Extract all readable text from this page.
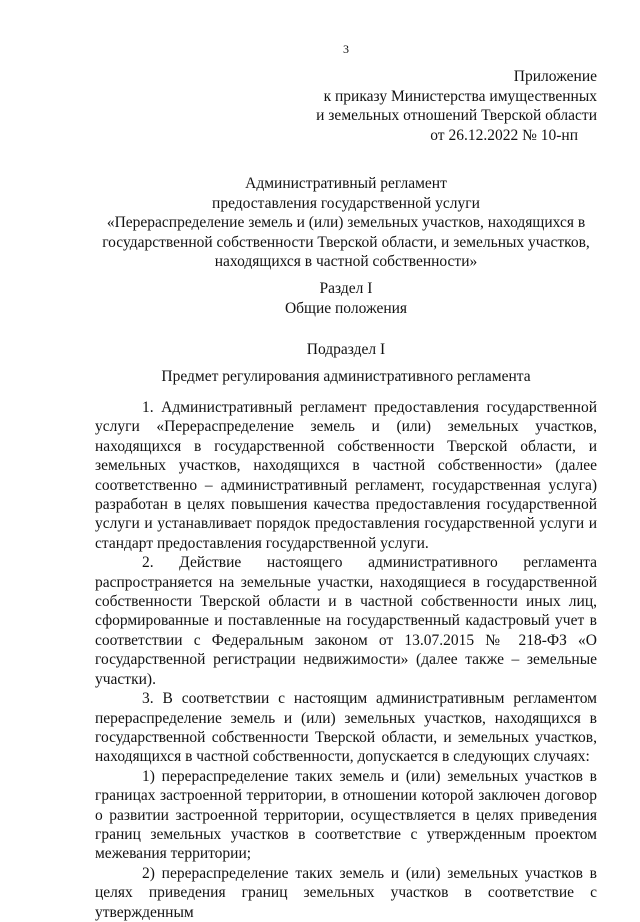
3
Приложение
к приказу Министерства имущественных
и земельных отношений Тверской области
от 26.12.2022 № 10-нп
Административный регламент
предоставления государственной услуги
«Перераспределение земель и (или) земельных участков, находящихся в
государственной собственности Тверской области, и земельных участков,
находящихся в частной собственности»
Раздел I
Общие положения
Подраздел I
Предмет регулирования административного регламента

1. Административный регламент предоставления государственной услуги «Перераспределение земель и (или) земельных участков, находящихся в государственной собственности Тверской области, и земельных участков, находящихся в частной собственности» (далее соответственно – административный регламент, государственная услуга) разработан в целях повышения качества предоставления государственной услуги и устанавливает порядок предоставления государственной услуги и стандарт предоставления государственной услуги.

2. Действие настоящего административного регламента распространяется на земельные участки, находящиеся в государственной собственности Тверской области и в частной собственности иных лиц, сформированные и поставленные на государственный кадастровый учет в соответствии с Федеральным законом от 13.07.2015 № 218-ФЗ «О государственной регистрации недвижимости» (далее также – земельные участки).

3. В соответствии с настоящим административным регламентом перераспределение земель и (или) земельных участков, находящихся в государственной собственности Тверской области, и земельных участков, находящихся в частной собственности, допускается в следующих случаях:

1) перераспределение таких земель и (или) земельных участков в границах застроенной территории, в отношении которой заключен договор о развитии застроенной территории, осуществляется в целях приведения границ земельных участков в соответствие с утвержденным проектом межевания территории;

2) перераспределение таких земель и (или) земельных участков в целях приведения границ земельных участков в соответствие с утвержденным
